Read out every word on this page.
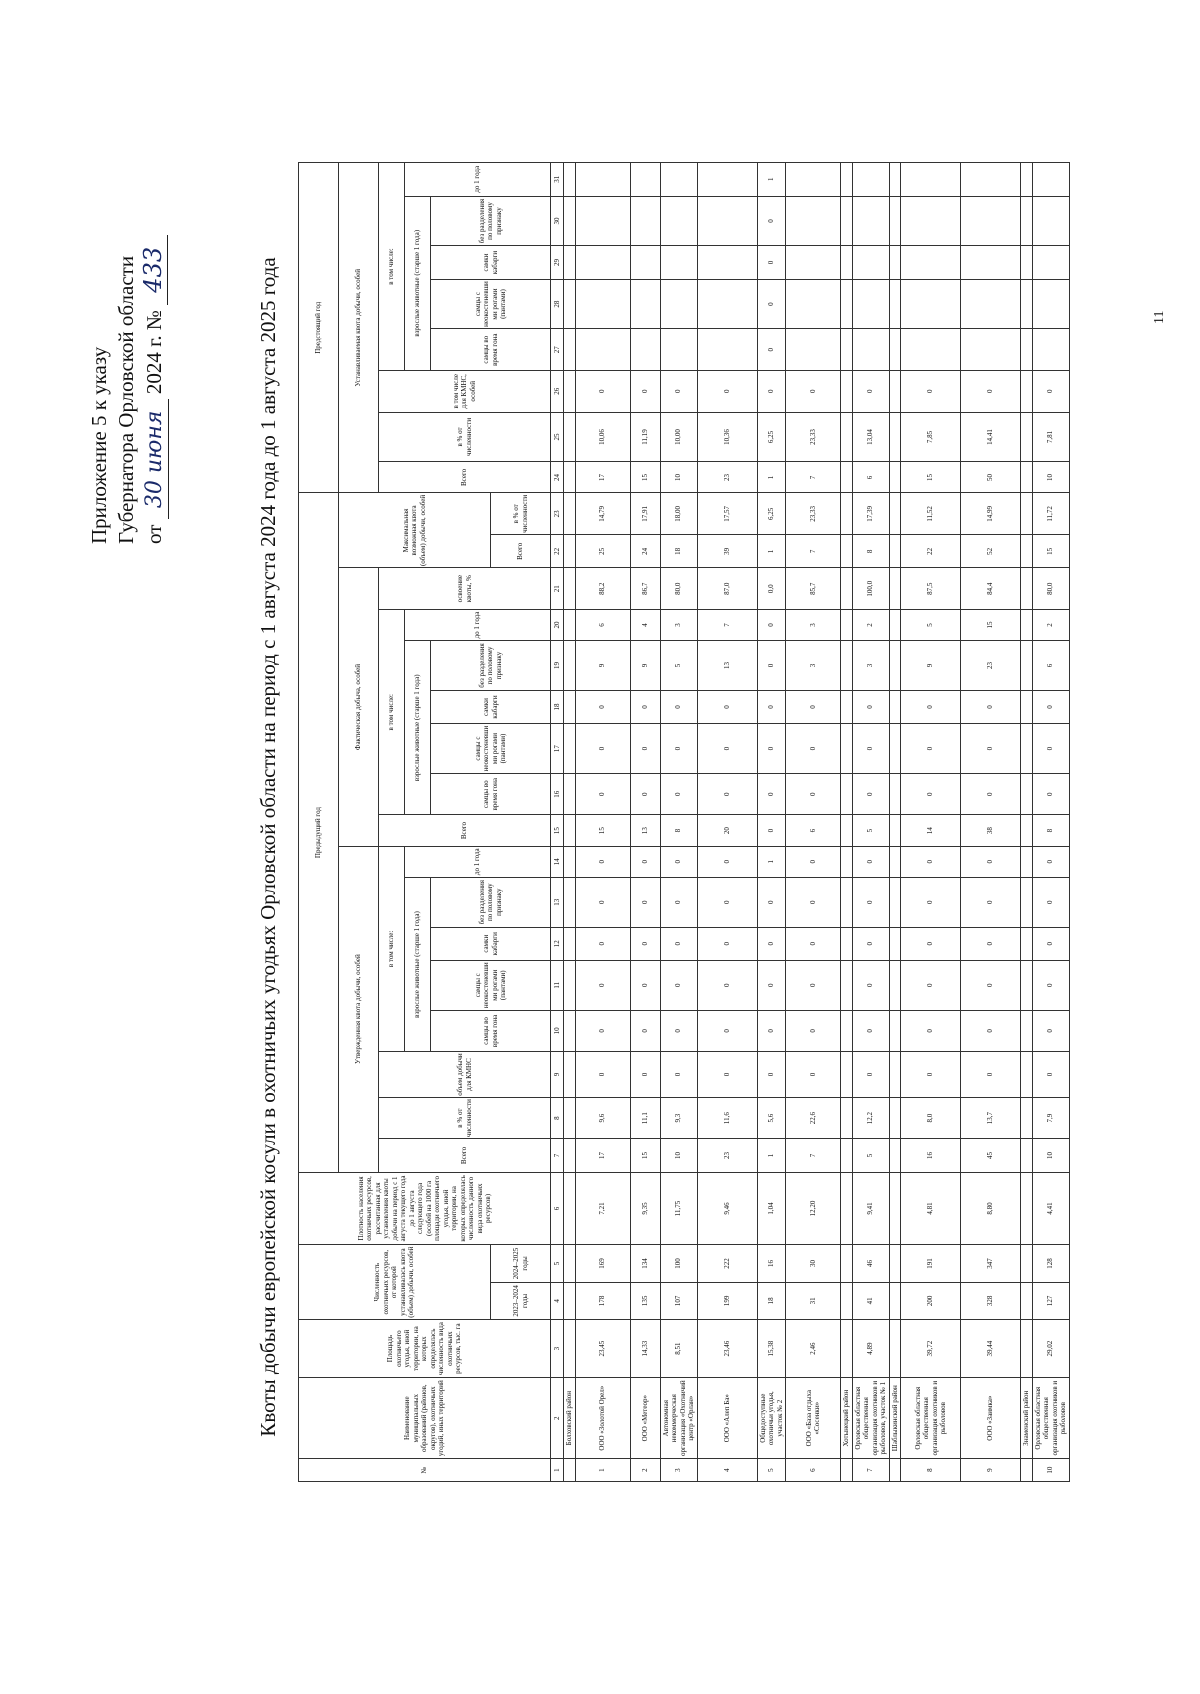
Приложение 5 к указу Губернатора Орловской области от 30 июня 2024 г. № 433	Квоты добычи европейской косули в охотничьих угодьях Орловской области на период с 1 августа 2024 года до 1 августа 2025 года
№	Наименование муниципальных образований (районов, округов), охотничьих угодий, иных территорий	Площадь охотничьего угодья, иной территории, на которых определялась численность вида охотничьих ресурсов, тыс. га	Численность охотничьих ресурсов, от которой устанавливалась квота (объем) добычи, особей		Плотность населения охотничьих ресурсов, рассчитанная для установления квоты добычи на период с 1 августа текущего года до 1 августа следующего года (особей на 1000 га площади охотничьего угодья, иной территории, на которых определялась численность данного вида охотничьих ресурсов)	Предыдущий год																	Предстоящий год							
						Утвержденная квота добычи, особей								Фактическая добыча, особей							Максимальная возможная квота (объем) добычи, особей		Устанавливаемая квота добычи, особей							
						Всего	в % от численности	объем добычи для КМНС	в том числе:					Всего	в том числе:					освоение квоты, %			Всего	в % от численности	в том числе для КМНС, особей	в том числе:				
									взрослые животные (старше 1 года)				до 1 года		взрослые животные (старше 1 года)				до 1 года							взрослые животные (старше 1 года)				до 1 года
									самцы во время гона	самцы с неокостеневшими рогами (пантами)	самки кабарги	без разделения по половому признаку			самцы во время гона	самцы с неокостеневшими рогами (пантами)	самки кабарги	без разделения по половому признаку								самцы во время гона	самцы с неокостеневшими рогами (пантами)	самки кабарги	без разделения по половому признаку	
			2023–2024 годы	2024–2025 годы																	Всего	в % от численности								
1	2	3	4	5	6	7	8	9	10	11	12	13	14	15	16	17	18	19	20	21	22	23	24	25	26	27	28	29	30	31
	Болховский район																													
1	ООО «Золотой Орел»	23,45	178	169	7,21	17	9,6	0	0	0	0	0	0	15	0	0	0	9	6	88,2	25	14,79	17	10,06	0					
2	ООО «Метеор»	14,33	135	134	9,35	15	11,1	0	0	0	0	0	0	13	0	0	0	9	4	86,7	24	17,91	15	11,19	0					
3	Автономная некоммерческая организация «Охотничий центр «Орлан»	8,51	107	100	11,75	10	9,3	0	0	0	0	0	0	8	0	0	0	5	3	80,0	18	18,00	10	10,00	0					
4	ООО «Алеп Ба»	23,46	199	222	9,46	23	11,6	0	0	0	0	0	0	20	0	0	0	13	7	87,0	39	17,57	23	10,36	0					
5	Общедоступные охотничьи угодья, участок № 2	15,38	18	16	1,04	1	5,6	0	0	0	0	0	1	0	0	0	0	0	0	0,0	1	6,25	1	6,25	0	0	0	0	0	1
6	ООО «База отдыха «Сосенки»	2,46	31	30	12,20	7	22,6	0	0	0	0	0	0	6	0	0	0	3	3	85,7	7	23,33	7	23,33	0					
	Хотынецкий район																													
7	Орловская областная общественная организация охотников и рыболовов, участок № 1	4,89	41	46	9,41	5	12,2	0	0	0	0	0	0	5	0	0	0	3	2	100,0	8	17,39	6	13,04	0					
	Шаблыкинский район																													
8	Орловская областная общественная организация охотников и рыболовов	39,72	200	191	4,81	16	8,0	0	0	0	0	0	0	14	0	0	0	9	5	87,5	22	11,52	15	7,85	0					
9	ООО «Заимка»	39,44	328	347	8,80	45	13,7	0	0	0	0	0	0	38	0	0	0	23	15	84,4	52	14,99	50	14,41	0					
	Знаменский район																													
10	Орловская областная общественная организация охотников и рыболовов	29,02	127	128	4,41	10	7,9	0	0	0	0	0	0	8	0	0	0	6	2	80,0	15	11,72	10	7,81	0					
11
